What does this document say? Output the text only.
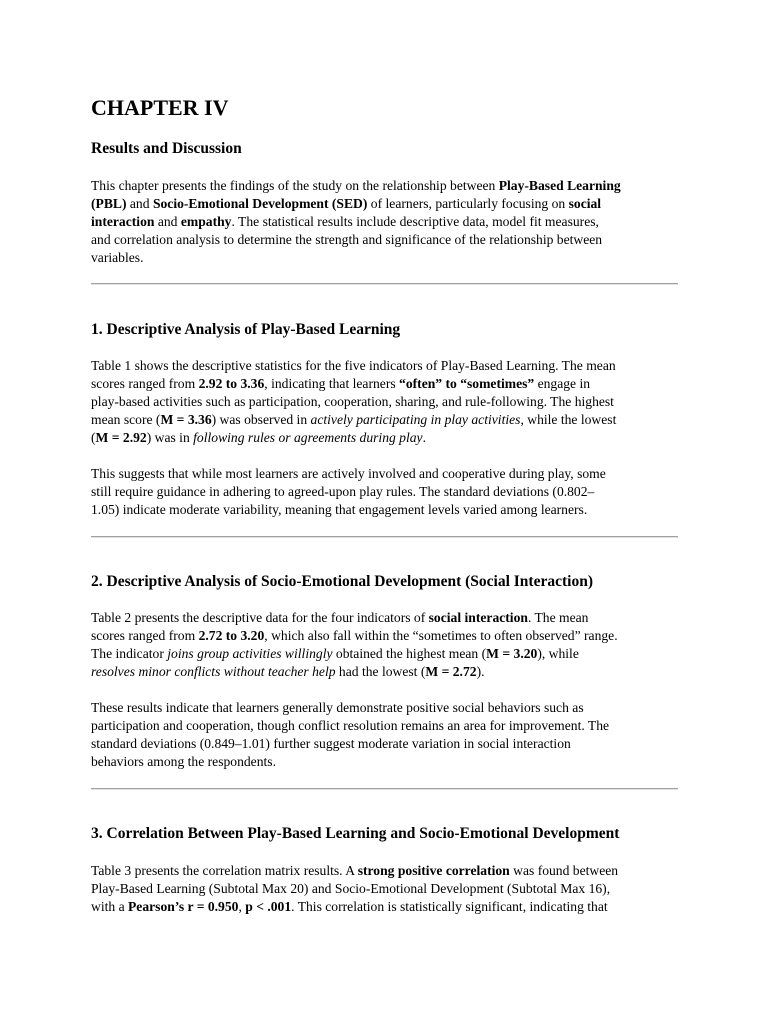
CHAPTER IV
Results and Discussion

This chapter presents the findings of the study on the relationship between Play-Based Learning
(PBL) and Socio-Emotional Development (SED) of learners, particularly focusing on social
interaction and empathy. The statistical results include descriptive data, model fit measures,
and correlation analysis to determine the strength and significance of the relationship between
variables.

1. Descriptive Analysis of Play-Based Learning

Table 1 shows the descriptive statistics for the five indicators of Play-Based Learning. The mean
scores ranged from 2.92 to 3.36, indicating that learners “often” to “sometimes” engage in
play-based activities such as participation, cooperation, sharing, and rule-following. The highest
mean score (M = 3.36) was observed in actively participating in play activities, while the lowest
(M = 2.92) was in following rules or agreements during play.

This suggests that while most learners are actively involved and cooperative during play, some
still require guidance in adhering to agreed-upon play rules. The standard deviations (0.802–
1.05) indicate moderate variability, meaning that engagement levels varied among learners.

2. Descriptive Analysis of Socio-Emotional Development (Social Interaction)

Table 2 presents the descriptive data for the four indicators of social interaction. The mean
scores ranged from 2.72 to 3.20, which also fall within the “sometimes to often observed” range.
The indicator joins group activities willingly obtained the highest mean (M = 3.20), while
resolves minor conflicts without teacher help had the lowest (M = 2.72).

These results indicate that learners generally demonstrate positive social behaviors such as
participation and cooperation, though conflict resolution remains an area for improvement. The
standard deviations (0.849–1.01) further suggest moderate variation in social interaction
behaviors among the respondents.

3. Correlation Between Play-Based Learning and Socio-Emotional Development

Table 3 presents the correlation matrix results. A strong positive correlation was found between
Play-Based Learning (Subtotal Max 20) and Socio-Emotional Development (Subtotal Max 16),
with a Pearson’s r = 0.950, p < .001. This correlation is statistically significant, indicating that
